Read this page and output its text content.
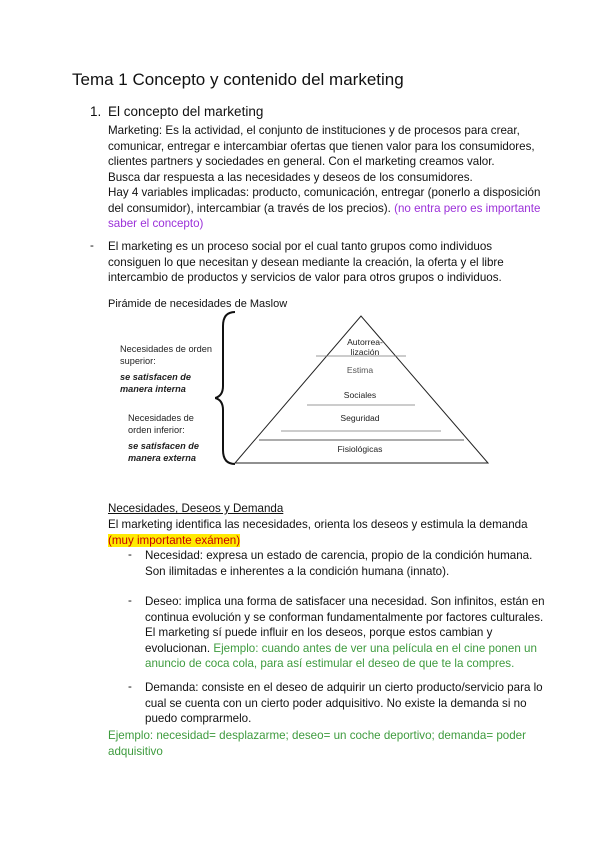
Tema 1 Concepto y contenido del marketing
1. El concepto del marketing

Marketing: Es la actividad, el conjunto de instituciones y de procesos para crear,

comunicar, entregar e intercambiar ofertas que tienen valor para los consumidores,

clientes partners y sociedades en general. Con el marketing creamos valor.

Busca dar respuesta a las necesidades y deseos de los consumidores.

Hay 4 variables implicadas: producto, comunicación, entregar (ponerlo a disposición

del consumidor), intercambiar (a través de los precios). (no entra pero es importante

saber el concepto)

- El marketing es un proceso social por el cual tanto grupos como individuos

consiguen lo que necesitan y desean mediante la creación, la oferta y el libre

intercambio de productos y servicios de valor para otros grupos o individuos.

Pirámide de necesidades de Maslow
Necesidades de orden
superior:
se satisfacen de
manera interna
Necesidades de
orden inferior:
se satisfacen de
manera externa
Autorrea-
lización
Estima
Sociales
Seguridad
Fisiológicas
Necesidades, Deseos y Demanda

El marketing identifica las necesidades, orienta los deseos y estimula la demanda

(muy importante exámen)

- Necesidad: expresa un estado de carencia, propio de la condición humana.

Son ilimitadas e inherentes a la condición humana (innato).

- Deseo: implica una forma de satisfacer una necesidad. Son infinitos, están en

continua evolución y se conforman fundamentalmente por factores culturales.

El marketing sí puede influir en los deseos, porque estos cambian y

evolucionan. Ejemplo: cuando antes de ver una película en el cine ponen un

anuncio de coca cola, para así estimular el deseo de que te la compres.

- Demanda: consiste en el deseo de adquirir un cierto producto/servicio para lo

cual se cuenta con un cierto poder adquisitivo. No existe la demanda si no

puedo comprarmelo.

Ejemplo: necesidad= desplazarme; deseo= un coche deportivo; demanda= poder

adquisitivo
